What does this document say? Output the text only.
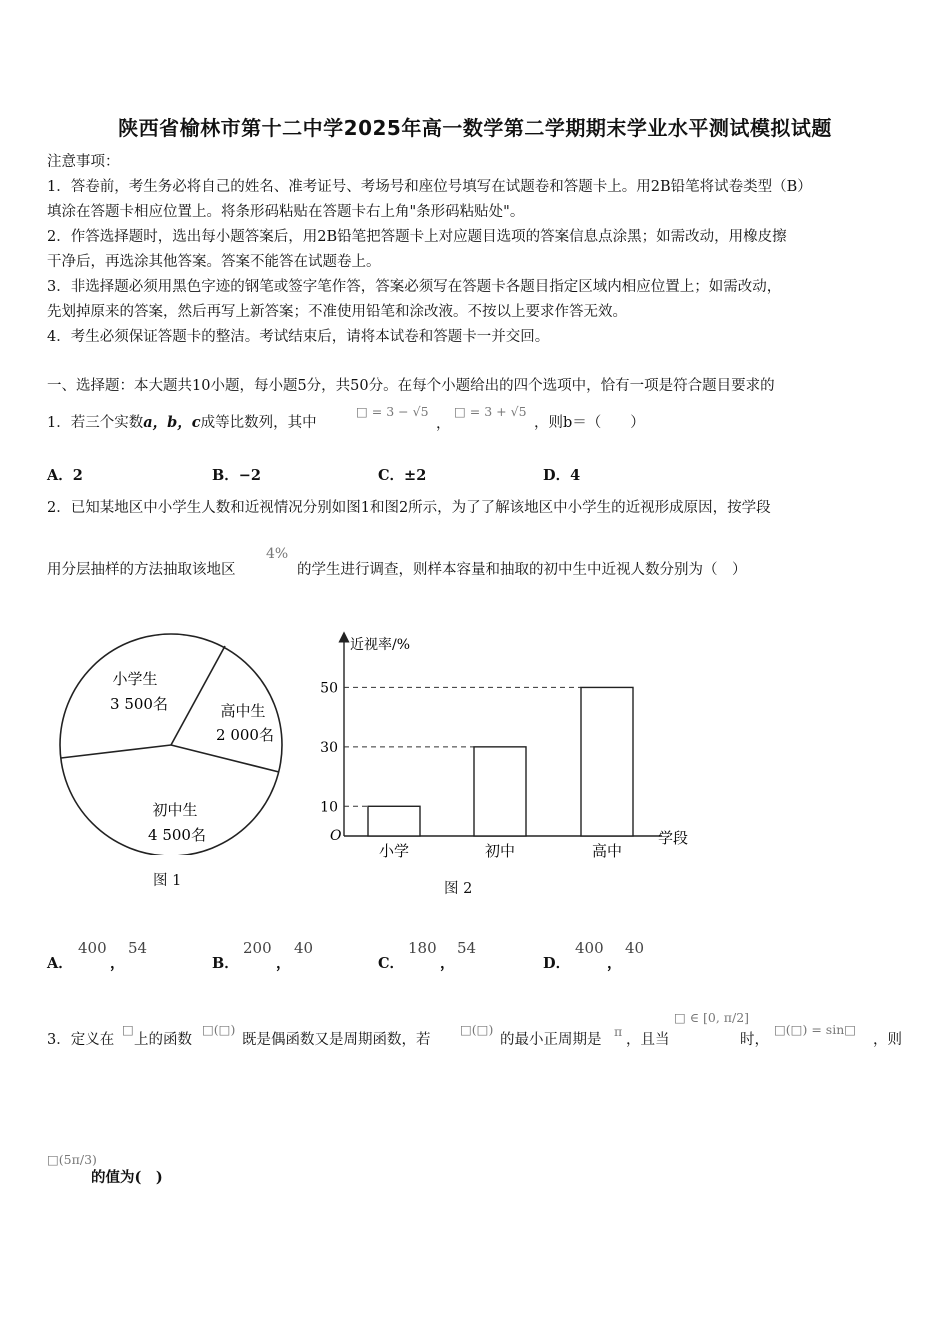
陕西省榆林市第十二中学2025年高一数学第二学期期末学业水平测试模拟试题
注意事项：
1．答卷前，考生务必将自己的姓名、准考证号、考场号和座位号填写在试题卷和答题卡上。用2B铅笔将试卷类型（B）
填涂在答题卡相应位置上。将条形码粘贴在答题卡右上角"条形码粘贴处"。
2．作答选择题时，选出每小题答案后，用2B铅笔把答题卡上对应题目选项的答案信息点涂黑；如需改动，用橡皮擦
干净后，再选涂其他答案。答案不能答在试题卷上。
3．非选择题必须用黑色字迹的钢笔或签字笔作答，答案必须写在答题卡各题目指定区域内相应位置上；如需改动，
先划掉原来的答案，然后再写上新答案；不准使用铅笔和涂改液。不按以上要求作答无效。
4．考生必须保证答题卡的整洁。考试结束后，请将本试卷和答题卡一并交回。
一、选择题：本大题共10小题，每小题5分，共50分。在每个小题给出的四个选项中，恰有一项是符合题目要求的
1．若三个实数a，b，c成等比数列，其中
□ = 3 − √5
，
□ = 3 + √5
，则b＝（　　）
A．2	B．−2	C．±2	D．4
2．已知某地区中小学生人数和近视情况分别如图1和图2所示，为了了解该地区中小学生的近视形成原因，按学段
用分层抽样的方法抽取该地区
4%
的学生进行调查，则样本容量和抽取的初中生中近视人数分别为（　）
小学生
3 500名	高中生
2 000名
初中生
4 500名
图 1
近视率/%
学段
O
小学	初中	高中
10
30
50
图 2
A．
400
，
54
B．
200
，
40
C．
180
，
54
D．
400
，
40
3．定义在
□
上的函数
□(□)
既是偶函数又是周期函数，若
□(□)
的最小正周期是
π
，且当
□ ∈ [0, π/2]
时，
□(□) = sin□
，则
□(5π/3)
的值为(　)
